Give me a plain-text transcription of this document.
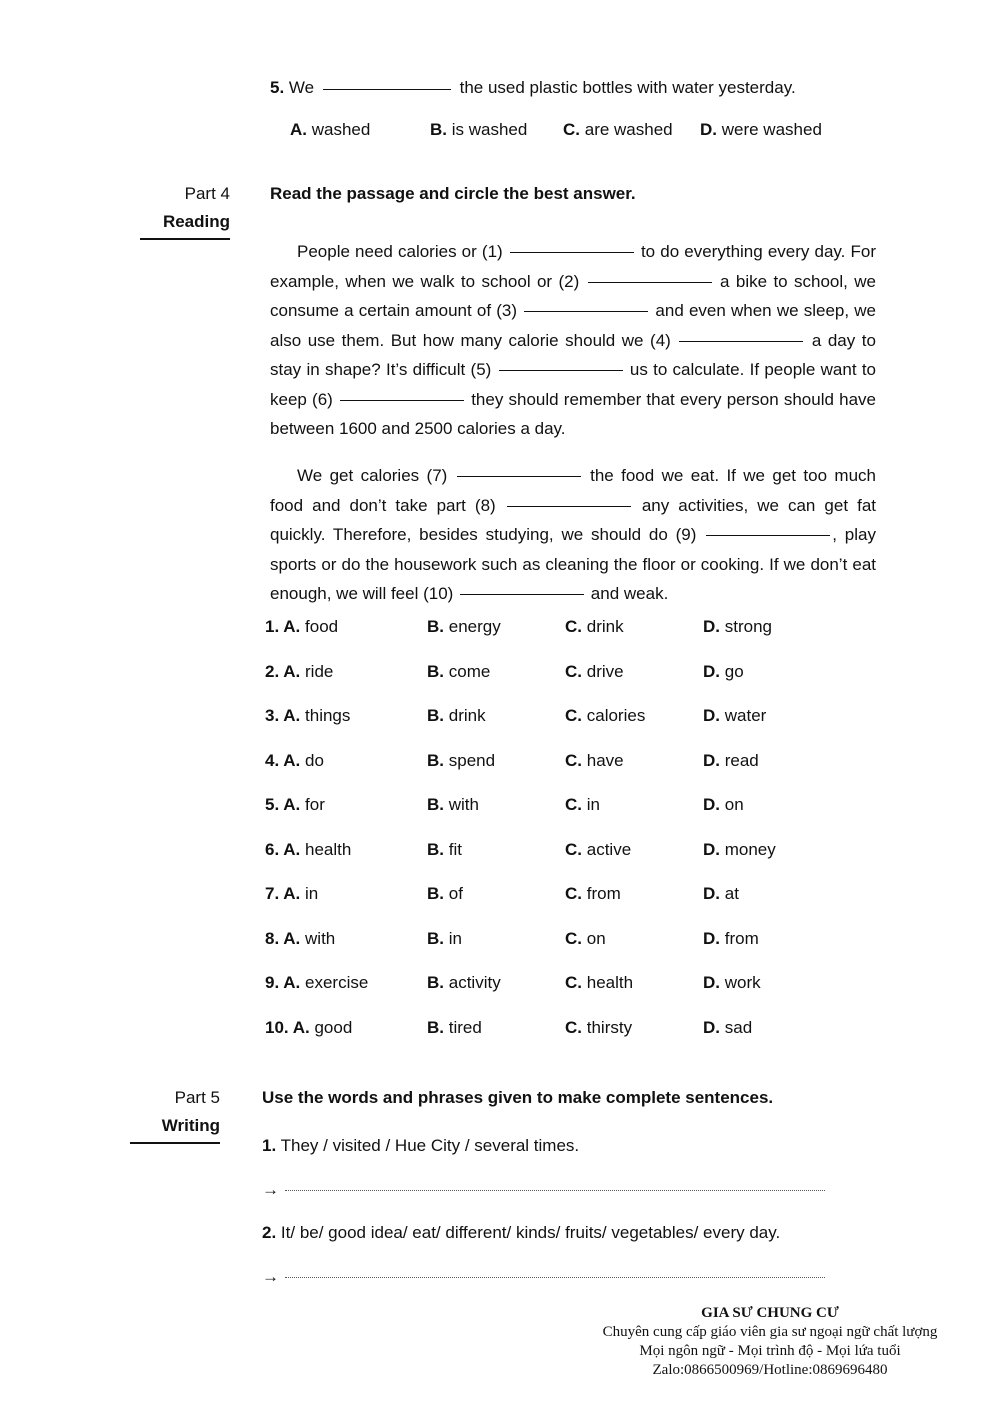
5. We	the used plastic bottles with water yesterday.
A. washed	B. is washed C. are washed D. were washed
Part 4
Reading
Read the passage and circle the best answer.

People need calories or (1)	to do everything every day. For example, when we walk to school or (2)	a bike to school, we consume a certain amount of (3)	and even when we sleep, we also use them. But how many calorie should we (4)	a day to stay in shape? It’s difficult (5)	us to calculate. If people want to keep (6)	they should remember that every person should have between 1600 and 2500 calories a day.

We get calories (7)	the food we eat. If we get too much food and don’t take part (8)	any activities, we can get fat quickly. Therefore, besides studying, we should do (9)	, play sports or do the housework such as cleaning the floor or cooking. If we don’t eat enough, we will feel (10)	and weak.

1. A. food	B. energy	C. drink	D. strong
2. A. ride	B. come	C. drive	D. go
3. A. things	B. drink	C. calories	D. water
4. A. do	B. spend	C. have	D. read
5. A. for	B. with	C. in	D. on
6. A. health	B. fit	C. active	D. money
7. A. in	B. of	C. from	D. at
8. A. with	B. in	C. on	D. from
9. A. exercise	B. activity	C. health	D. work
10. A. good	B. tired	C. thirsty	D. sad
Part 5
Writing
Use the words and phrases given to make complete sentences.
1. They / visited / Hue City / several times.
→
2. It/ be/ good idea/ eat/ different/ kinds/ fruits/ vegetables/ every day.
→
GIA SƯ CHUNG CƯ
Chuyên cung cấp giáo viên gia sư ngoại ngữ chất lượng
Mọi ngôn ngữ - Mọi trình độ - Mọi lứa tuổi
Zalo:0866500969/Hotline:0869696480
